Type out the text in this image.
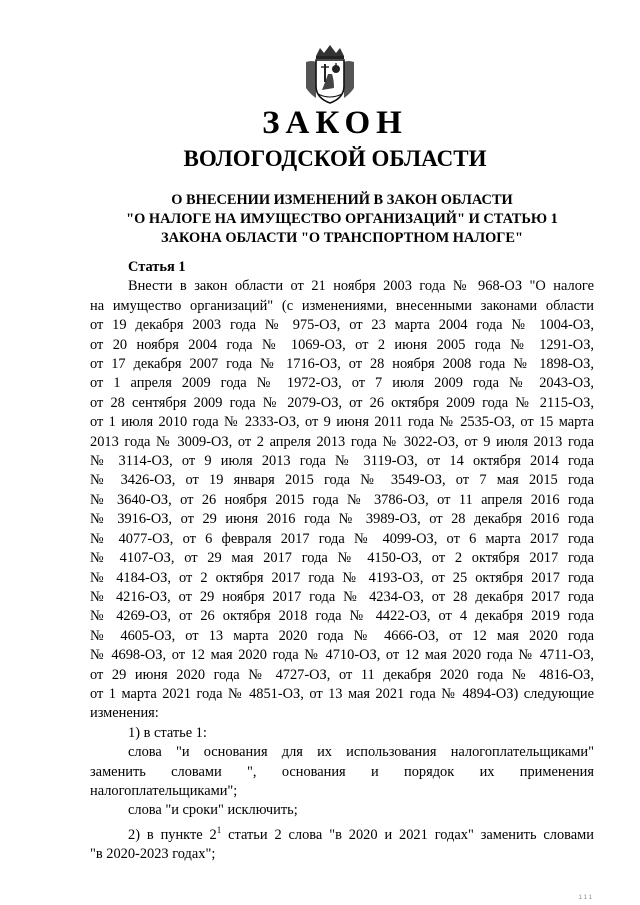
ЗАКОН
ВОЛОГОДСКОЙ ОБЛАСТИ
О ВНЕСЕНИИ ИЗМЕНЕНИЙ В ЗАКОН ОБЛАСТИ
"О НАЛОГЕ НА ИМУЩЕСТВО ОРГАНИЗАЦИЙ" И СТАТЬЮ 1
ЗАКОНА ОБЛАСТИ "О ТРАНСПОРТНОМ НАЛОГЕ"
Статья 1
Внести в закон области от 21 ноября 2003 года № 968-ОЗ "О налоге
на имущество организаций" (с изменениями, внесенными законами области
от 19 декабря 2003 года № 975-ОЗ, от 23 марта 2004 года № 1004-ОЗ,
от 20 ноября 2004 года № 1069-ОЗ, от 2 июня 2005 года № 1291-ОЗ,
от 17 декабря 2007 года № 1716-ОЗ, от 28 ноября 2008 года № 1898-ОЗ,
от 1 апреля 2009 года № 1972-ОЗ, от 7 июля 2009 года № 2043-ОЗ,
от 28 сентября 2009 года № 2079-ОЗ, от 26 октября 2009 года № 2115-ОЗ,
от 1 июля 2010 года № 2333-ОЗ, от 9 июня 2011 года № 2535-ОЗ, от 15 марта
2013 года № 3009-ОЗ, от 2 апреля 2013 года № 3022-ОЗ, от 9 июля 2013 года
№ 3114-ОЗ, от 9 июля 2013 года № 3119-ОЗ, от 14 октября 2014 года
№ 3426-ОЗ, от 19 января 2015 года № 3549-ОЗ, от 7 мая 2015 года
№ 3640-ОЗ, от 26 ноября 2015 года № 3786-ОЗ, от 11 апреля 2016 года
№ 3916-ОЗ, от 29 июня 2016 года № 3989-ОЗ, от 28 декабря 2016 года
№ 4077-ОЗ, от 6 февраля 2017 года № 4099-ОЗ, от 6 марта 2017 года
№ 4107-ОЗ, от 29 мая 2017 года № 4150-ОЗ, от 2 октября 2017 года
№ 4184-ОЗ, от 2 октября 2017 года № 4193-ОЗ, от 25 октября 2017 года
№ 4216-ОЗ, от 29 ноября 2017 года № 4234-ОЗ, от 28 декабря 2017 года
№ 4269-ОЗ, от 26 октября 2018 года № 4422-ОЗ, от 4 декабря 2019 года
№ 4605-ОЗ, от 13 марта 2020 года № 4666-ОЗ, от 12 мая 2020 года
№ 4698-ОЗ, от 12 мая 2020 года № 4710-ОЗ, от 12 мая 2020 года № 4711-ОЗ,
от 29 июня 2020 года № 4727-ОЗ, от 11 декабря 2020 года № 4816-ОЗ,
от 1 марта 2021 года № 4851-ОЗ, от 13 мая 2021 года № 4894-ОЗ) следующие
изменения:
1) в статье 1:
слова "и основания для их использования налогоплательщиками"
заменить словами ", основания и порядок их применения
налогоплательщиками";
слова "и сроки" исключить;
2) в пункте $2^1$ статьи 2 слова "в 2020 и 2021 годах" заменить словами
"в 2020-2023 годах";
1 1 1
